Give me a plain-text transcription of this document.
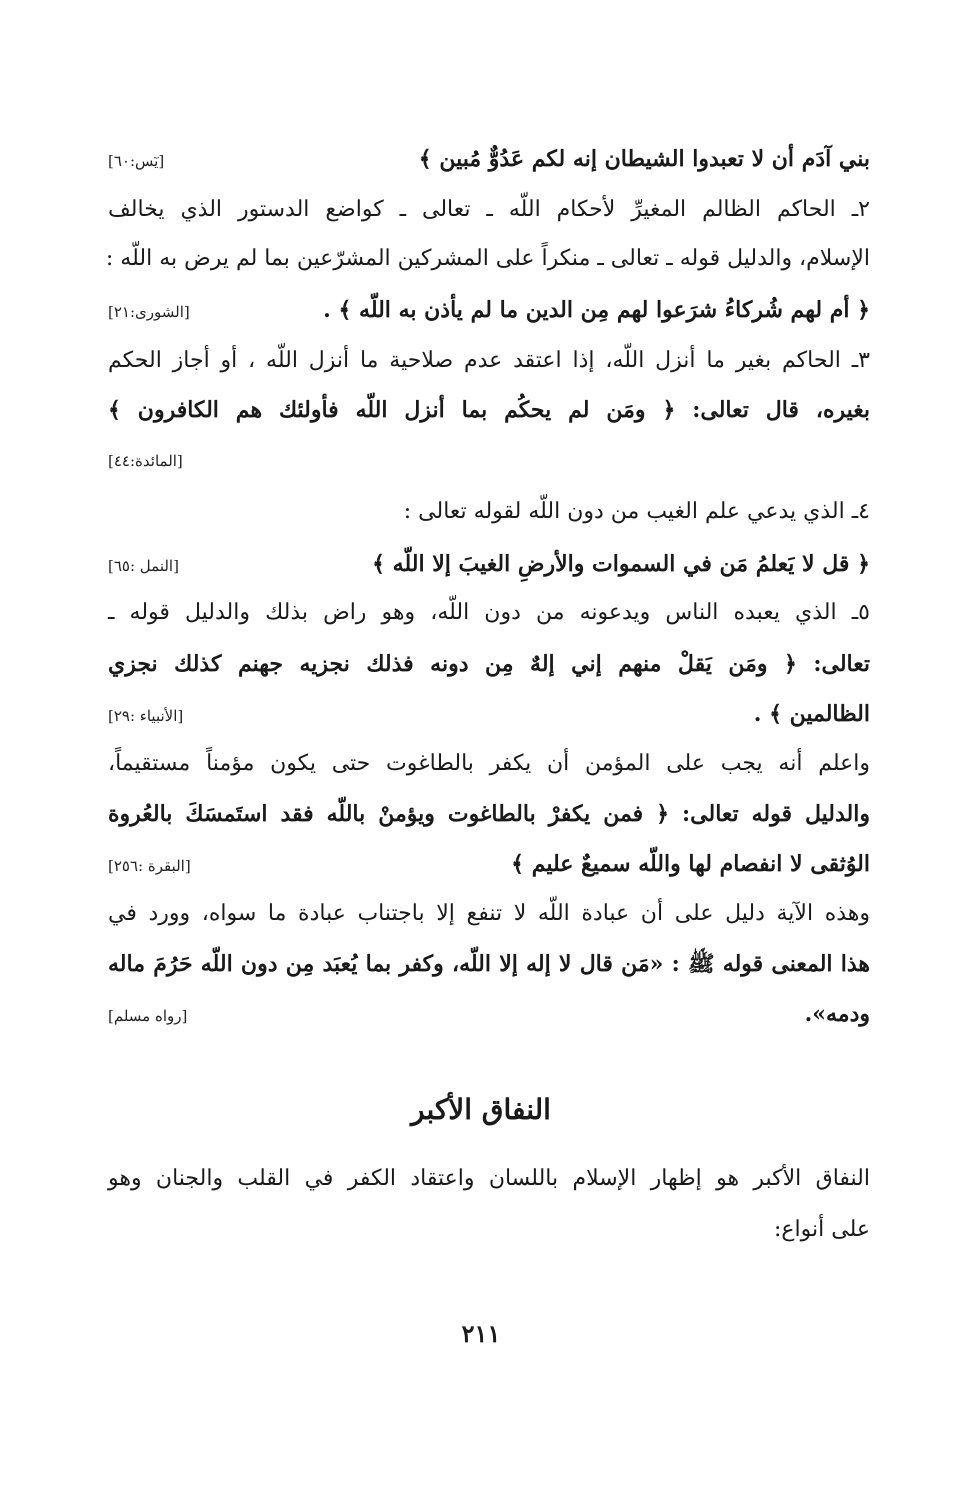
بني آدَم أن لا تعبدوا الشيطان إنه لكم عَدُوٌّ مُبين ﴾
[يٓس:٦٠]
٢ـ الحاكم الظالم المغيرِّ لأحكام اللّه ـ تعالى ـ كواضع الدستور الذي يخالف
الإسلام، والدليل قوله ـ تعالى ـ منكراً على المشركين المشرّعين بما لم يرض به اللّه :
﴿ أم لهم شُركاءُ شرَعوا لهم مِن الدين ما لم يأذن به اللّه ﴾ .
[الشورى:٢١]
٣ـ الحاكم بغير ما أنزل اللّه، إذا اعتقد عدم صلاحية ما أنزل اللّه ، أو أجاز الحكم
بغيره، قال تعالى: ﴿ ومَن لم يحكُم بما أنزل اللّه فأولئك هم الكافرون ﴾
[المائدة:٤٤]
٤ـ الذي يدعي علم الغيب من دون اللّه لقوله تعالى :
﴿ قل لا يَعلمُ مَن في السموات والأرضِ الغيبَ إلا اللّه ﴾
[النمل :٦٥]
٥ـ الذي يعبده الناس ويدعونه من دون اللّه، وهو راض بذلك والدليل قوله ـ
تعالى: ﴿ ومَن يَقلْ منهم إني إلهٌ مِن دونه فذلك نجزيه جهنم كذلك نجزي
الظالمين ﴾ .
[الأنبياء :٢٩]
واعلم أنه يجب على المؤمن أن يكفر بالطاغوت حتى يكون مؤمناً مستقيماً،
والدليل قوله تعالى: ﴿ فمن يكفرْ بالطاغوت ويؤمنْ باللّه فقد استَمسَكَ بالعُروة
الوُثقى لا انفصام لها واللّه سميعٌ عليم ﴾
[البقرة :٢٥٦]
وهذه الآية دليل على أن عبادة اللّه لا تنفع إلا باجتناب عبادة ما سواه، وورد في
هذا المعنى قوله ﷺ : «مَن قال لا إله إلا اللّه، وكفر بما يُعبَد مِن دون اللّه حَرُمَ ماله
ودمه».
[رواه مسلم]
النفاق الأكبر
النفاق الأكبر هو إظهار الإسلام باللسان واعتقاد الكفر في القلب والجنان وهو
على أنواع:
٢١١
